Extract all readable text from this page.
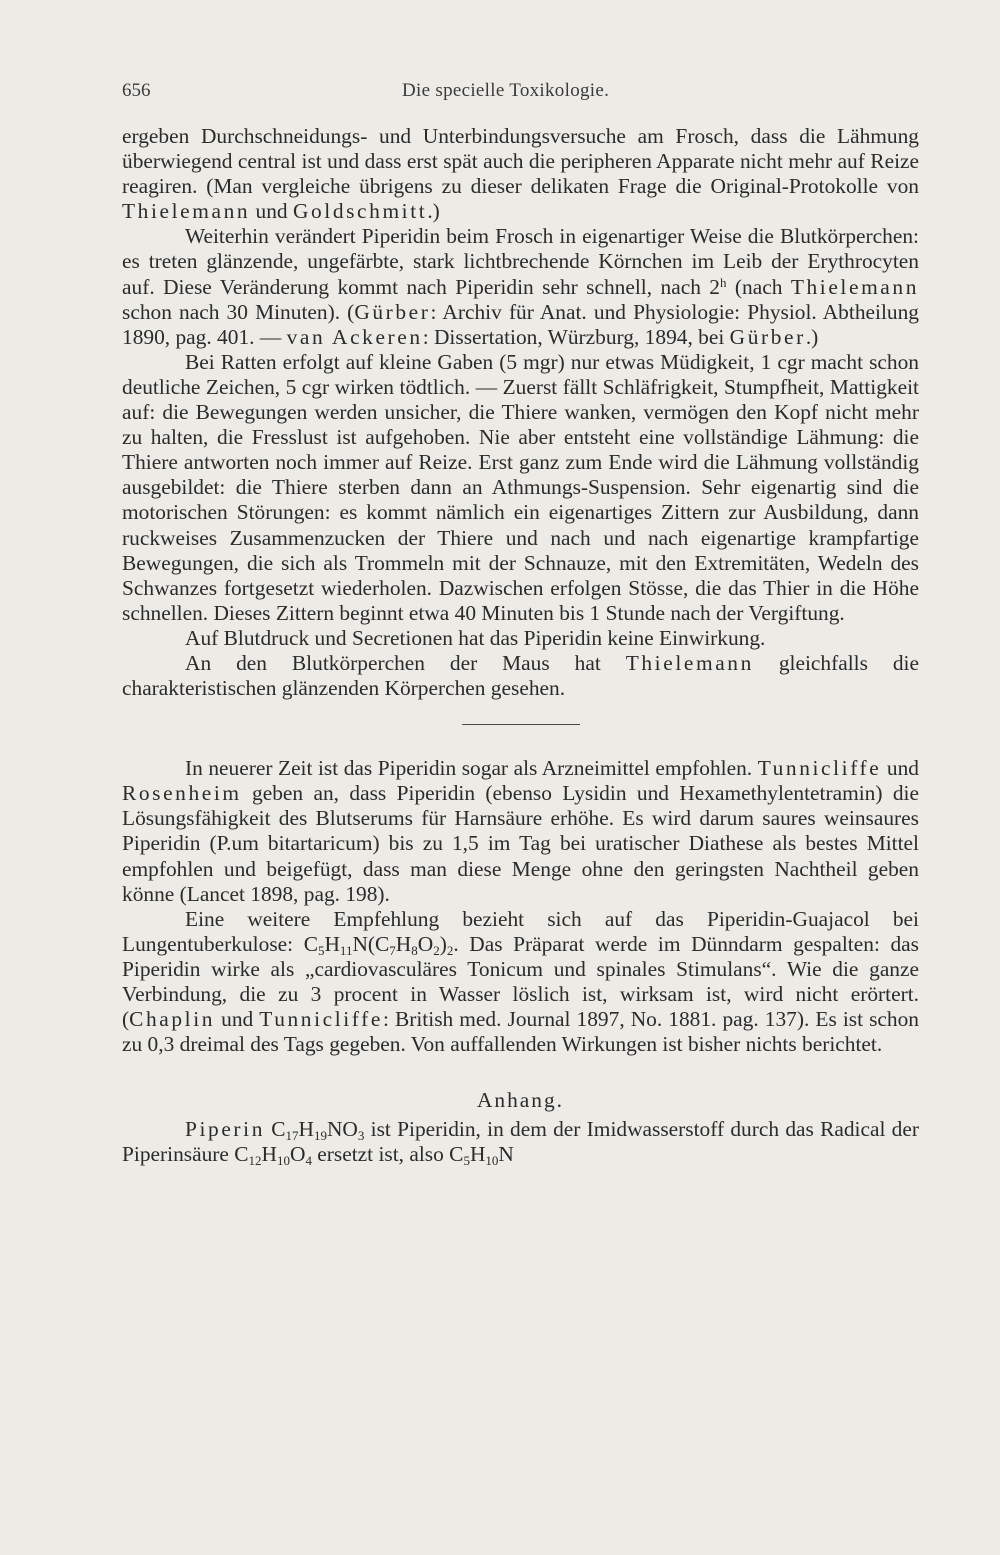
656	Die specielle Toxikologie.

ergeben Durchschneidungs- und Unterbindungsversuche am Frosch, dass die Lähmung überwiegend central ist und dass erst spät auch die peripheren Apparate nicht mehr auf Reize reagiren. (Man vergleiche übrigens zu dieser delikaten Frage die Original-Protokolle von Thielemann und Goldschmitt.)

Weiterhin verändert Piperidin beim Frosch in eigenartiger Weise die Blutkörperchen: es treten glänzende, ungefärbte, stark lichtbrechende Körnchen im Leib der Erythrocyten auf. Diese Veränderung kommt nach Piperidin sehr schnell, nach 2$^h$ (nach Thielemann schon nach 30 Minuten). (Gürber: Archiv für Anat. und Physiologie: Physiol. Abtheilung 1890, pag. 401. — van Ackeren: Dissertation, Würzburg, 1894, bei Gürber.)

Bei Ratten erfolgt auf kleine Gaben (5 mgr) nur etwas Müdigkeit, 1 cgr macht schon deutliche Zeichen, 5 cgr wirken tödtlich. — Zuerst fällt Schläfrigkeit, Stumpfheit, Mattigkeit auf: die Bewegungen werden unsicher, die Thiere wanken, vermögen den Kopf nicht mehr zu halten, die Fresslust ist aufgehoben. Nie aber entsteht eine vollständige Lähmung: die Thiere antworten noch immer auf Reize. Erst ganz zum Ende wird die Lähmung vollständig ausgebildet: die Thiere sterben dann an Athmungs-Suspension. Sehr eigenartig sind die motorischen Störungen: es kommt nämlich ein eigenartiges Zittern zur Ausbildung, dann ruckweises Zusammenzucken der Thiere und nach und nach eigenartige krampfartige Bewegungen, die sich als Trommeln mit der Schnauze, mit den Extremitäten, Wedeln des Schwanzes fortgesetzt wiederholen. Dazwischen erfolgen Stösse, die das Thier in die Höhe schnellen. Dieses Zittern beginnt etwa 40 Minuten bis 1 Stunde nach der Vergiftung.

Auf Blutdruck und Secretionen hat das Piperidin keine Einwirkung.

An den Blutkörperchen der Maus hat Thielemann gleichfalls die charakteristischen glänzenden Körperchen gesehen.

In neuerer Zeit ist das Piperidin sogar als Arzneimittel empfohlen. Tunnicliffe und Rosenheim geben an, dass Piperidin (ebenso Lysidin und Hexamethylentetramin) die Lösungsfähigkeit des Blutserums für Harnsäure erhöhe. Es wird darum saures weinsaures Piperidin (P.um bitartaricum) bis zu 1,5 im Tag bei uratischer Diathese als bestes Mittel empfohlen und beigefügt, dass man diese Menge ohne den geringsten Nachtheil geben könne (Lancet 1898, pag. 198).

Eine weitere Empfehlung bezieht sich auf das Piperidin-Guajacol bei Lungentuberkulose: $C_5H_{11}N(C_7H_8O_2)_2$. Das Präparat werde im Dünndarm gespalten: das Piperidin wirke als „cardiovasculäres Tonicum und spinales Stimulans“. Wie die ganze Verbindung, die zu 3 procent in Wasser löslich ist, wirksam ist, wird nicht erörtert. (Chaplin und Tunnicliffe: British med. Journal 1897, No. 1881. pag. 137). Es ist schon zu 0,3 dreimal des Tags gegeben. Von auffallenden Wirkungen ist bisher nichts berichtet.

Anhang.

Piperin $C_{17}H_{19}NO_3$ ist Piperidin, in dem der Imidwasserstoff durch das Radical der Piperinsäure $C_{12}H_{10}O_4$ ersetzt ist, also $C_5H_{10}N$
